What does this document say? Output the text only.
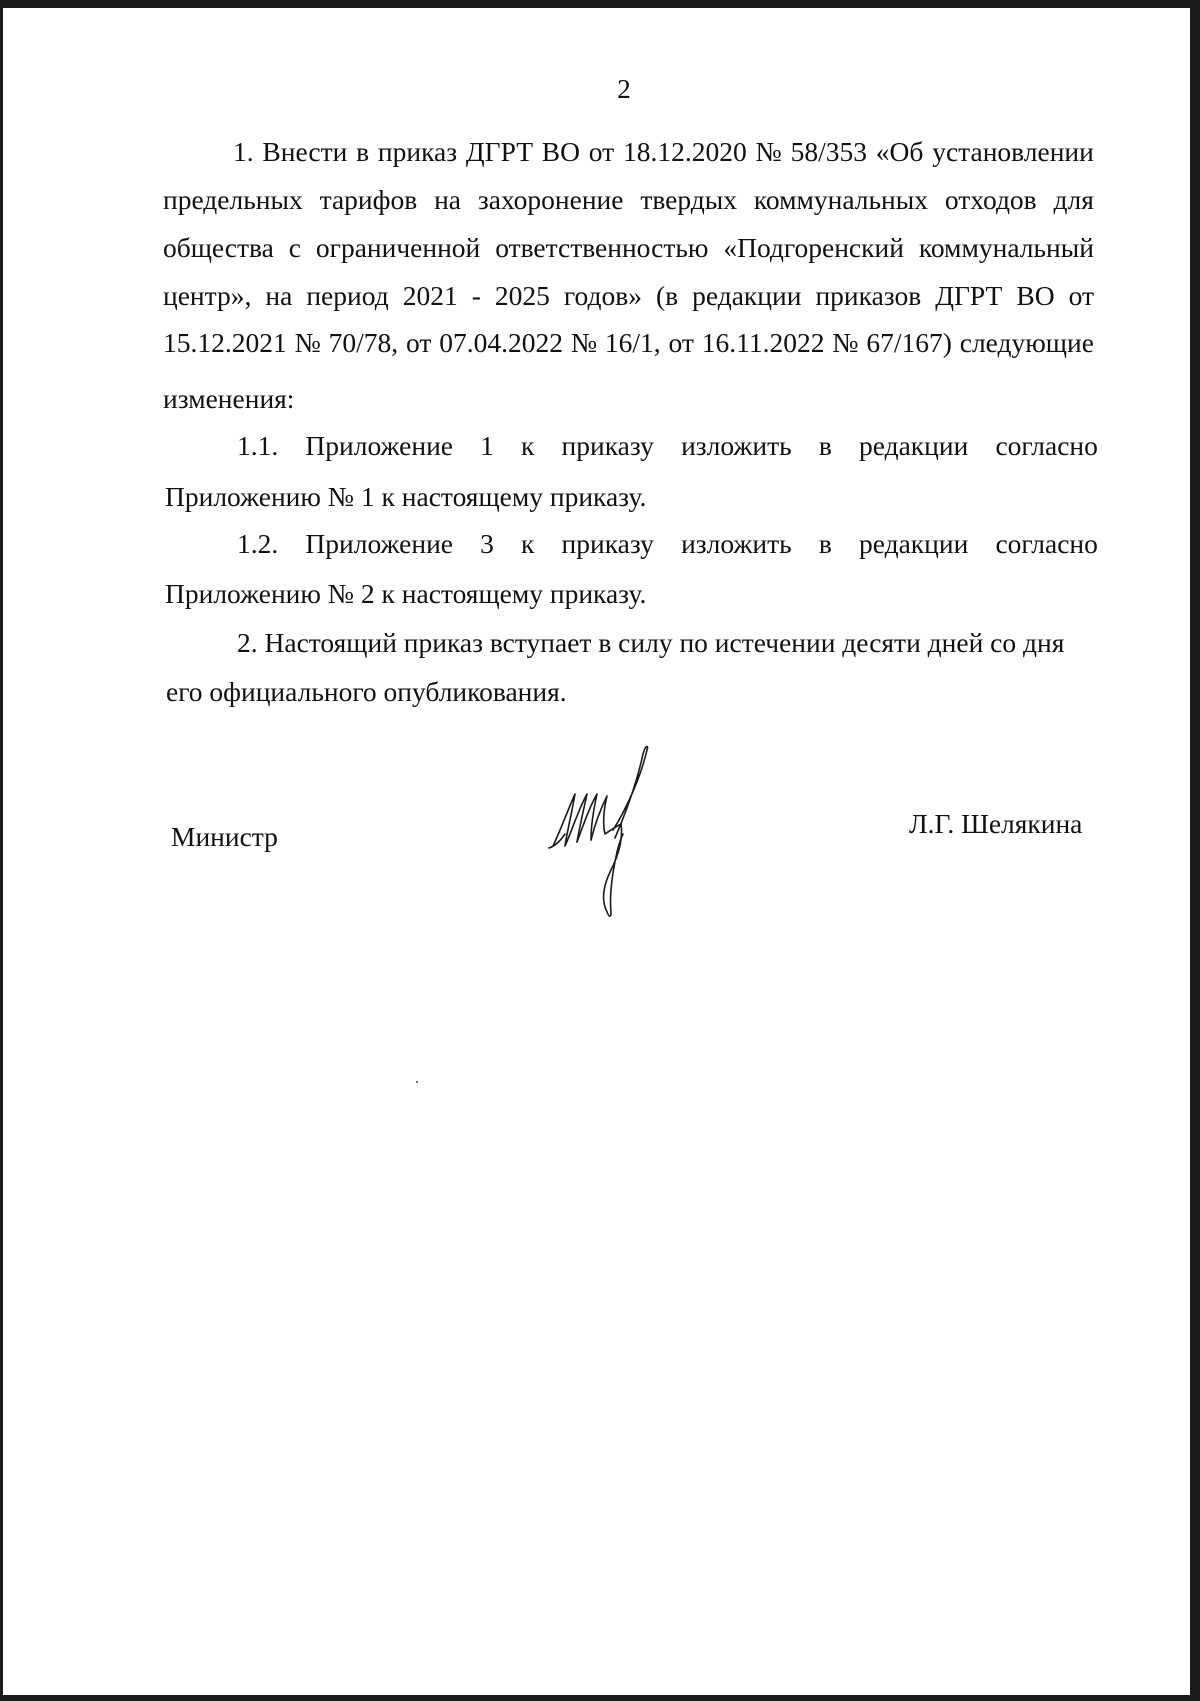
2
1. Внести в приказ ДГРТ ВО от 18.12.2020 № 58/353 «Об установлении
предельных тарифов на захоронение твердых коммунальных отходов для
общества с ограниченной ответственностью «Подгоренский коммунальный
центр», на период 2021 - 2025 годов» (в редакции приказов ДГРТ ВО от
15.12.2021 № 70/78, от 07.04.2022 № 16/1, от 16.11.2022 № 67/167) следующие
изменения:
1.1. Приложение 1 к приказу изложить в редакции согласно
Приложению № 1 к настоящему приказу.
1.2. Приложение 3 к приказу изложить в редакции согласно
Приложению № 2 к настоящему приказу.
2. Настоящий приказ вступает в силу по истечении десяти дней со дня
его официального опубликования.
Министр	Л.Г. Шелякина
